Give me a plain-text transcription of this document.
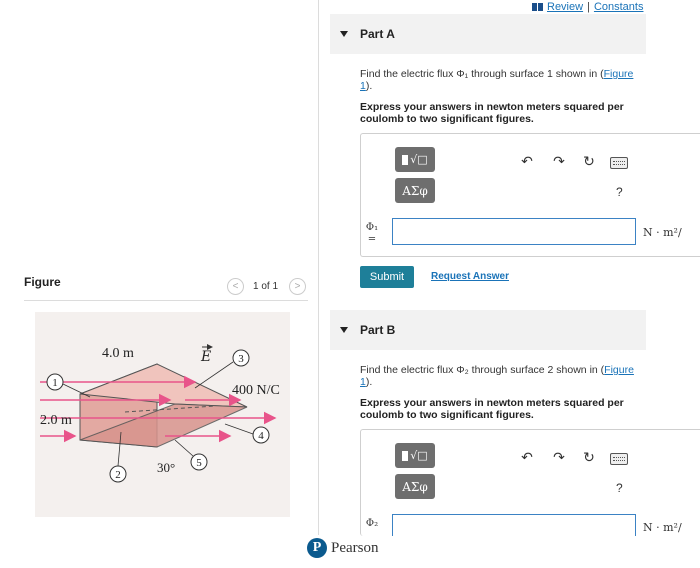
Review | Constants
Part A
Find the electric flux Φ₁ through surface 1 shown in (Figure 1).
Express your answers in newton meters squared per coulomb to two significant figures.
√□
ΑΣφ
↶ ↷ ↻
?
Φ₁
=
N · m²/
Submit	Request Answer
Part B
Find the electric flux Φ₂ through surface 2 shown in (Figure 1).
Express your answers in newton meters squared per coulomb to two significant figures.
√□
ΑΣφ
↶ ↷ ↻
?
Φ₂	N · m²/
Figure	< 1 of 1 >
E
4.0 m
2.0 m
400 N/C
30°
1
2
3
4
5
P Pearson
